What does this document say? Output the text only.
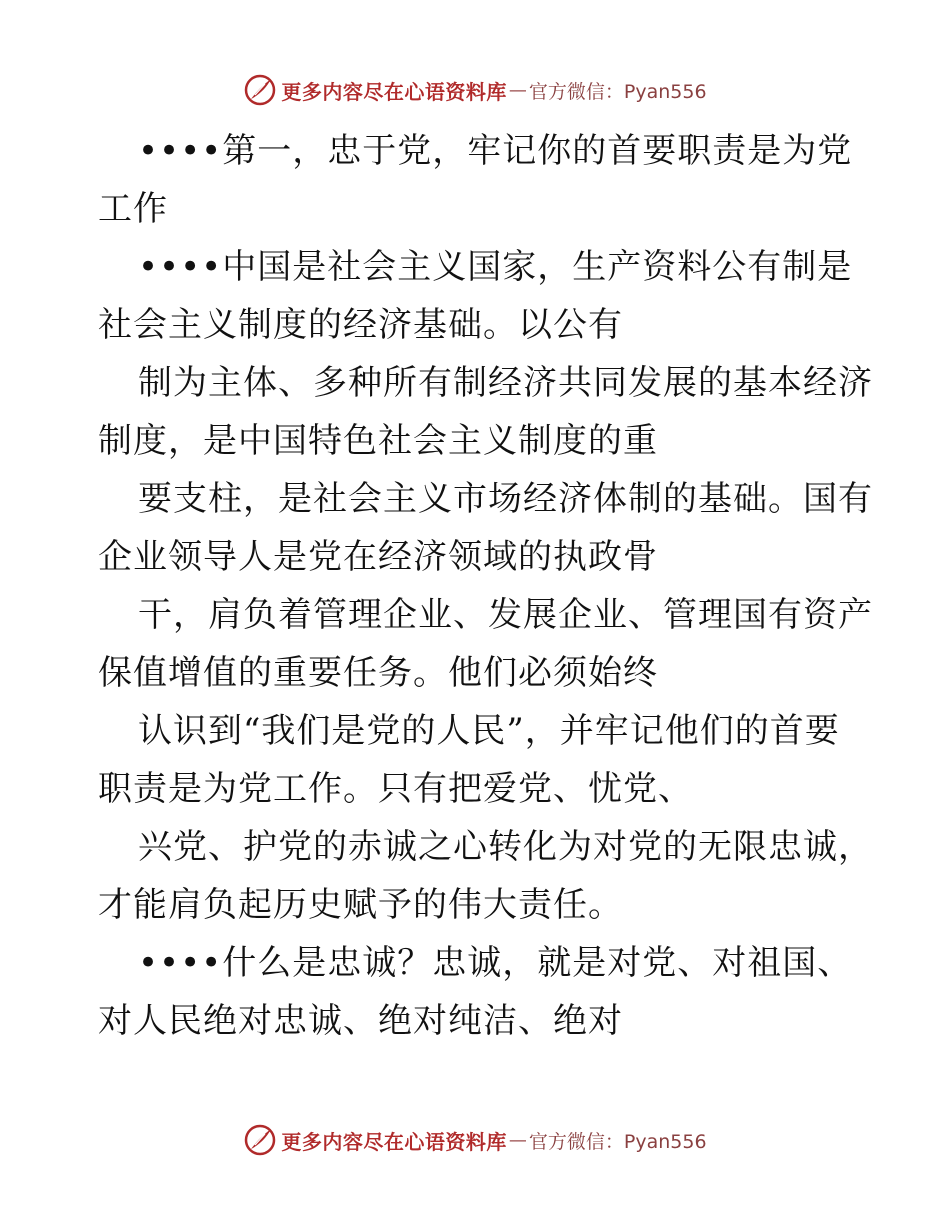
更多内容尽在心语资料库 — 官方微信：Pyan556

••••第一，忠于党，牢记你的首要职责是为党
工作

••••中国是社会主义国家，生产资料公有制是
社会主义制度的经济基础。以公有

制为主体、多种所有制经济共同发展的基本经济
制度，是中国特色社会主义制度的重

要支柱，是社会主义市场经济体制的基础。国有
企业领导人是党在经济领域的执政骨

干，肩负着管理企业、发展企业、管理国有资产
保值增值的重要任务。他们必须始终

认识到“我们是党的人民”，并牢记他们的首要
职责是为党工作。只有把爱党、忧党、

兴党、护党的赤诚之心转化为对党的无限忠诚，
才能肩负起历史赋予的伟大责任。

••••什么是忠诚？忠诚，就是对党、对祖国、
对人民绝对忠诚、绝对纯洁、绝对

更多内容尽在心语资料库 — 官方微信：Pyan556
